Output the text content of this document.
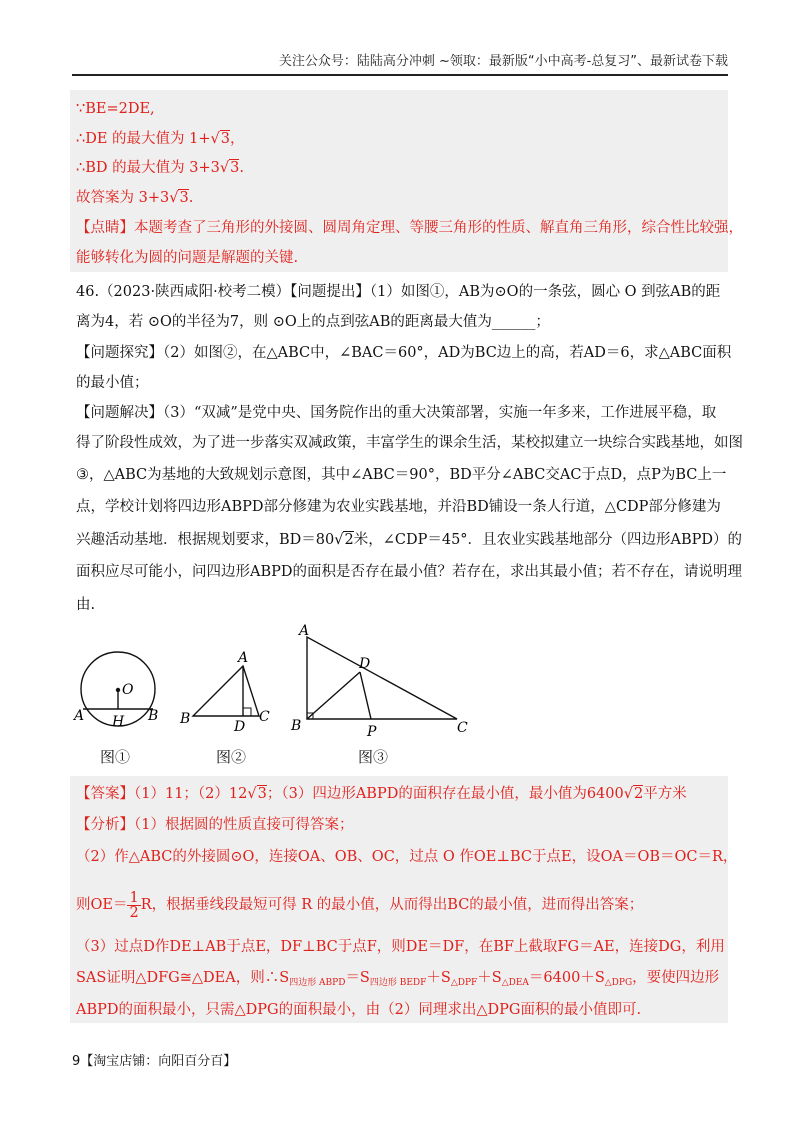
关注公众号：陆陆高分冲刺 ~领取：最新版“小中高考-总复习”、最新试卷下载
∵BE=2DE,
∴DE 的最大值为 1+√3，
∴BD 的最大值为 3+3√3.
故答案为 3+3√3.
【点睛】本题考查了三角形的外接圆、圆周角定理、等腰三角形的性质、解直角三角形，综合性比较强，
能够转化为圆的问题是解题的关键.
46.（2023·陕西咸阳·校考二模）【问题提出】（1）如图①，AB为⊙O的一条弦，圆心 O 到弦AB的距
离为4，若 ⊙O的半径为7，则 ⊙O上的点到弦AB的距离最大值为______；
【问题探究】（2）如图②，在△ABC中，∠BAC＝60°，AD为BC边上的高，若AD＝6，求△ABC面积
的最小值；
【问题解决】（3）“双减”是党中央、国务院作出的重大决策部署，实施一年多来，工作进展平稳，取
得了阶段性成效，为了进一步落实双减政策，丰富学生的课余生活，某校拟建立一块综合实践基地，如图
③，△ABC为基地的大致规划示意图，其中∠ABC＝90°，BD平分∠ABC交AC于点D，点P为BC上一
点，学校计划将四边形ABPD部分修建为农业实践基地，并沿BD铺设一条人行道，△CDP部分修建为
兴趣活动基地．根据规划要求，BD＝80√2米，∠CDP＝45°．且农业实践基地部分（四边形ABPD）的
面积应尽可能小，问四边形ABPD的面积是否存在最小值？若存在，求出其最小值；若不存在，请说明理
由.
O
A	B
H
图①
A
B	C
D
图②
A
D
B	P	C
图③
【答案】（1）11；（2）12√3；（3）四边形ABPD的面积存在最小值，最小值为6400√2平方米
【分析】（1）根据圆的性质直接可得答案；
（2）作△ABC的外接圆⊙O，连接OA、OB、OC，过点 O 作OE⊥BC于点E，设OA＝OB＝OC＝R，
则$OE= \frac{1}{2}$ R，根据垂线段最短可得 R 的最小值，从而得出BC的最小值，进而得出答案；
（3）过点D作DE⊥AB于点E，DF⊥BC于点F，则DE＝DF，在BF上截取FG＝AE，连接DG，利用
SAS证明△DFG≅△DEA，则$\therefore S_{四边形 ABPD}=S_{四边形 BEDF}+S_{\triangle DPF}+S_{\triangle DEA}=6400+S_{\triangle DPG}$，要使四边形
ABPD的面积最小，只需△DPG的面积最小，由（2）同理求出△DPG面积的最小值即可.
9【淘宝店铺：向阳百分百】
